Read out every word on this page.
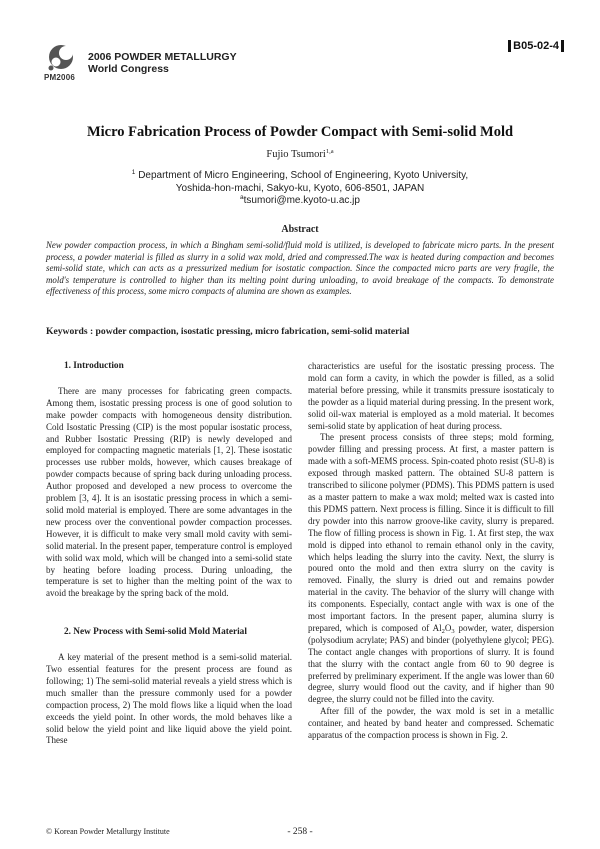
PM2006
2006 POWDER METALLURGY
World Congress
B05-02-4
Micro Fabrication Process of Powder Compact with Semi-solid Mold
Fujio Tsumori$^{1,a}$
$^1$ Department of Micro Engineering, School of Engineering, Kyoto University,
Yoshida-hon-machi, Sakyo-ku, Kyoto, 606-8501, JAPAN
$^a$tsumori@me.kyoto-u.ac.jp
Abstract
New powder compaction process, in which a Bingham semi-solid/fluid mold is utilized, is developed to fabricate micro parts. In the present process, a powder material is filled as slurry in a solid wax mold, dried and compressed.The wax is heated during compaction and becomes semi-solid state, which can acts as a pressurized medium for isostatic compaction. Since the compacted micro parts are very fragile, the mold's temperature is controlled to higher than its melting point during unloading, to avoid breakage of the compacts. To demonstrate effectiveness of this process, some micro compacts of alumina are shown as examples.
Keywords : powder compaction, isostatic pressing, micro fabrication, semi-solid material
1. Introduction

There are many processes for fabricating green compacts. Among them, isostatic pressing process is one of good solution to make powder compacts with homogeneous density distribution. Cold Isostatic Pressing (CIP) is the most popular isostatic process, and Rubber Isostatic Pressing (RIP) is newly developed and employed for compacting magnetic materials [1, 2]. These isostatic processes use rubber molds, however, which causes breakage of powder compacts because of spring back during unloading process. Author proposed and developed a new process to overcome the problem [3, 4]. It is an isostatic pressing process in which a semi-solid mold material is employed. There are some advantages in the new process over the conventional powder compaction processes. However, it is difficult to make very small mold cavity with semi-solid material. In the present paper, temperature control is employed with solid wax mold, which will be changed into a semi-solid state by heating before loading process. During unloading, the temperature is set to higher than the melting point of the wax to avoid the breakage by the spring back of the mold.

2. New Process with Semi-solid Mold Material

A key material of the present method is a semi-solid material. Two essential features for the present process are found as following; 1) The semi-solid material reveals a yield stress which is much smaller than the pressure commonly used for a powder compaction process, 2) The mold flows like a liquid when the load exceeds the yield point. In other words, the mold behaves like a solid below the yield point and like liquid above the yield point. These

characteristics are useful for the isostatic pressing process. The mold can form a cavity, in which the powder is filled, as a solid material before pressing, while it transmits pressure isostaticaly to the powder as a liquid material during pressing. In the present work, solid oil-wax material is employed as a mold material. It becomes semi-solid state by application of heat during process.

The present process consists of three steps; mold forming, powder filling and pressing process. At first, a master pattern is made with a soft-MEMS process. Spin-coated photo resist (SU-8) is exposed through masked pattern. The obtained SU-8 pattern is transcribed to silicone polymer (PDMS). This PDMS pattern is used as a master pattern to make a wax mold; melted wax is casted into this PDMS pattern. Next process is filling. Since it is difficult to fill dry powder into this narrow groove-like cavity, slurry is prepared. The flow of filling process is shown in Fig. 1. At first step, the wax mold is dipped into ethanol to remain ethanol only in the cavity, which helps leading the slurry into the cavity. Next, the slurry is poured onto the mold and then extra slurry on the cavity is removed. Finally, the slurry is dried out and remains powder material in the cavity. The behavior of the slurry will change with its components. Especially, contact angle with wax is one of the most important factors. In the present paper, alumina slurry is prepared, which is composed of $Al_2O_3$ powder, water, dispersion (polysodium acrylate; PAS) and binder (polyethylene glycol; PEG). The contact angle changes with proportions of slurry. It is found that the slurry with the contact angle from 60 to 90 degree is preferred by preliminary experiment. If the angle was lower than 60 degree, slurry would flood out the cavity, and if higher than 90 degree, the slurry could not be filled into the cavity.

After fill of the powder, the wax mold is set in a metallic container, and heated by band heater and compressed. Schematic apparatus of the compaction process is shown in Fig. 2.

© Korean Powder Metallurgy Institute	- 258 -
